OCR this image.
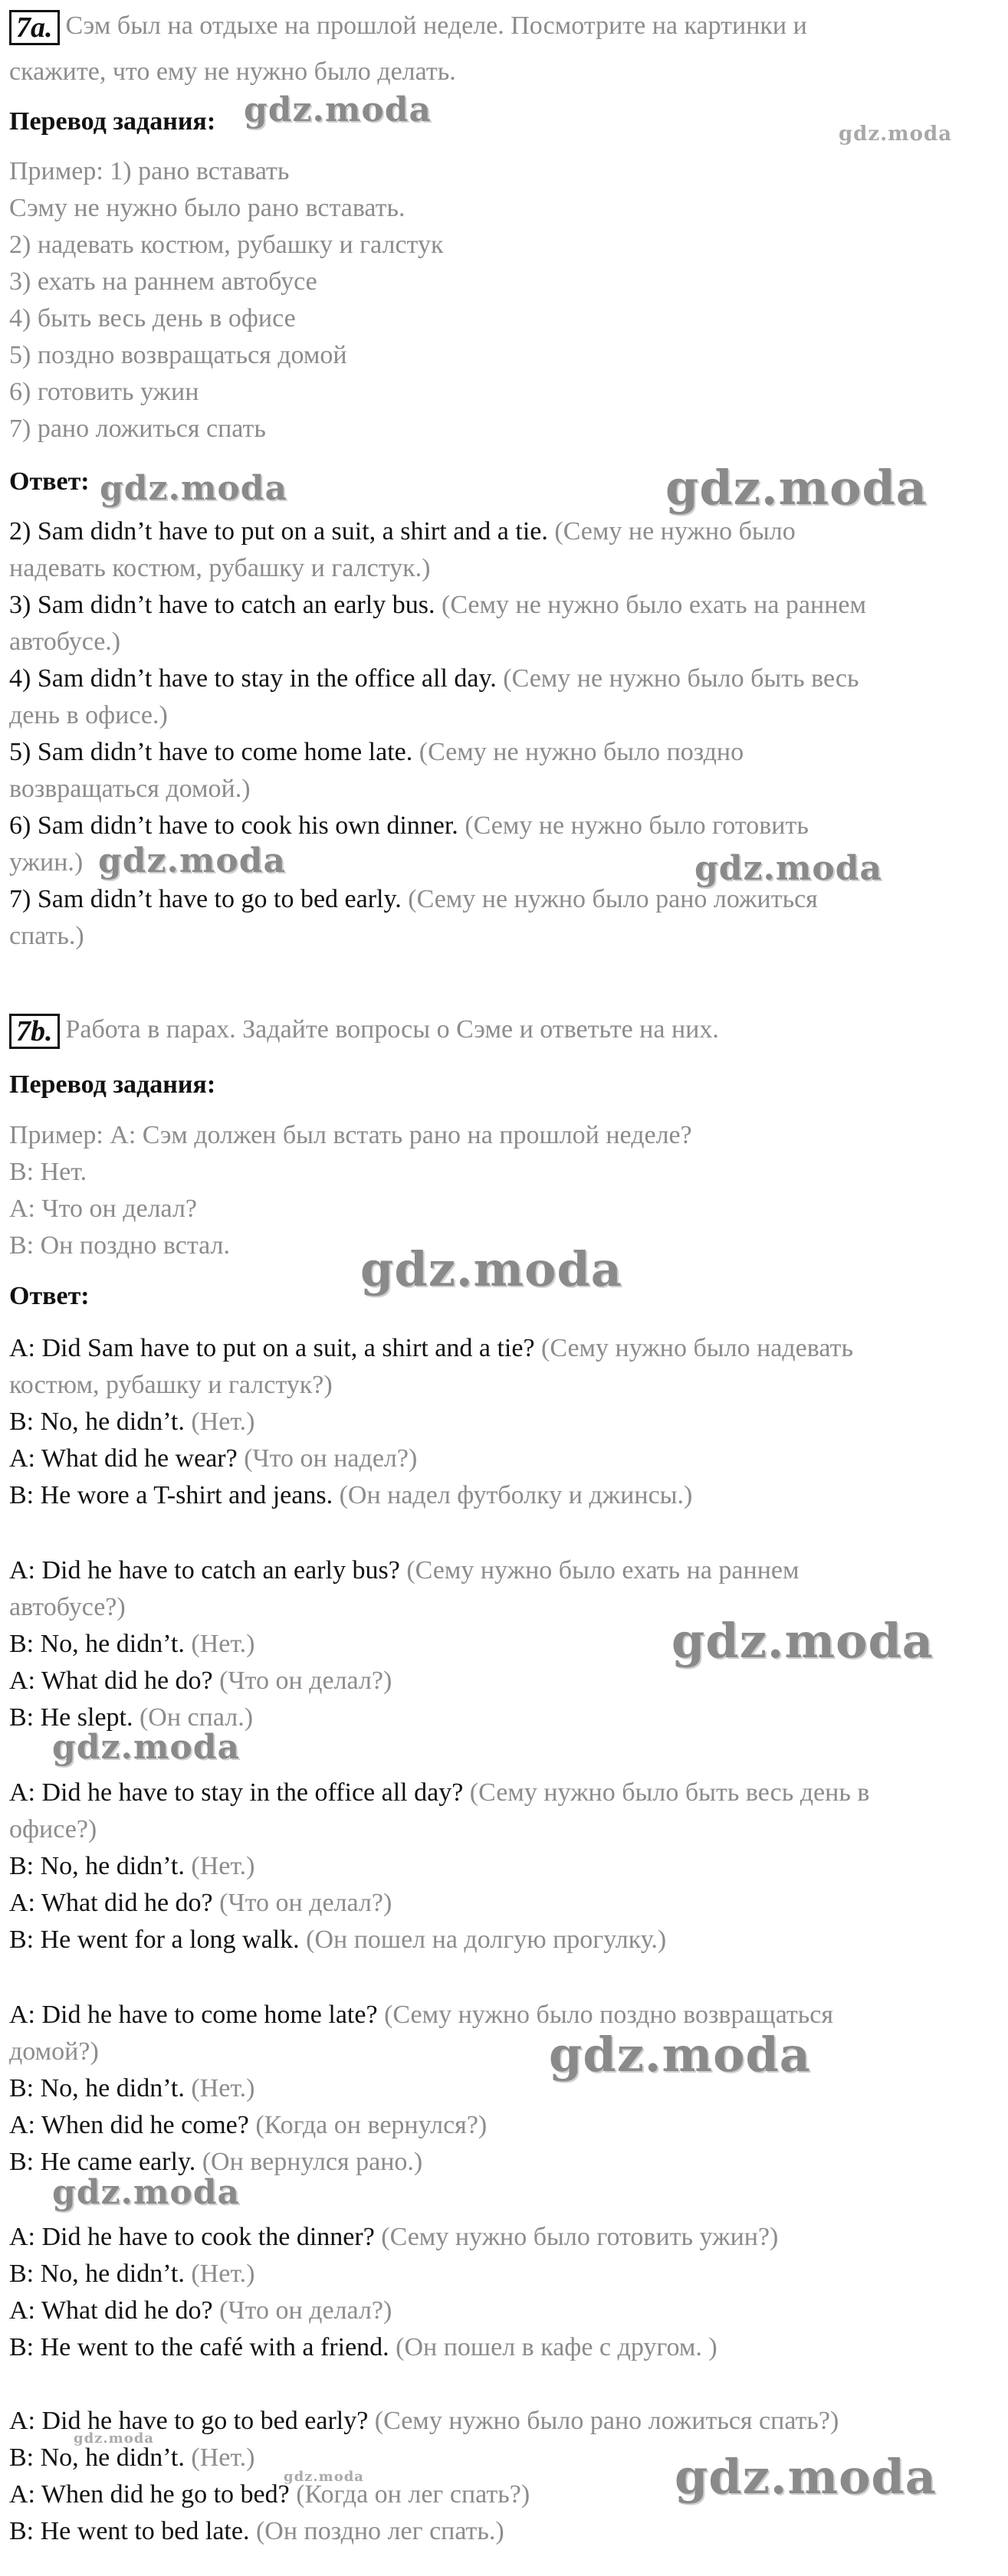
7a. Сэм был на отдыхе на прошлой неделе. Посмотрите на картинки и
скажите, что ему не нужно было делать.
Перевод задания:
Пример: 1) рано вставать
Сэму не нужно было рано вставать.
2) надевать костюм, рубашку и галстук
3) ехать на раннем автобусе
4) быть весь день в офисе
5) поздно возвращаться домой
6) готовить ужин
7) рано ложиться спать
Ответ:
2) Sam didn’t have to put on a suit, a shirt and a tie. (Сему не нужно было
надевать костюм, рубашку и галстук.)
3) Sam didn’t have to catch an early bus. (Сему не нужно было ехать на раннем
автобусе.)
4) Sam didn’t have to stay in the office all day. (Сему не нужно было быть весь
день в офисе.)
5) Sam didn’t have to come home late. (Сему не нужно было поздно
возвращаться домой.)
6) Sam didn’t have to cook his own dinner. (Сему не нужно было готовить
ужин.)
7) Sam didn’t have to go to bed early. (Сему не нужно было рано ложиться
спать.)
7b. Работа в парах. Задайте вопросы о Сэме и ответьте на них.
Перевод задания:
Пример: А: Сэм должен был встать рано на прошлой неделе?
В: Нет.
А: Что он делал?
В: Он поздно встал.
Ответ:
A: Did Sam have to put on a suit, a shirt and a tie? (Сему нужно было надевать
костюм, рубашку и галстук?)
B: No, he didn’t. (Нет.)
A: What did he wear? (Что он надел?)
B: He wore a T-shirt and jeans. (Он надел футболку и джинсы.)
A: Did he have to catch an early bus? (Сему нужно было ехать на раннем
автобусе?)
B: No, he didn’t. (Нет.)
A: What did he do? (Что он делал?)
B: He slept. (Он спал.)
A: Did he have to stay in the office all day? (Сему нужно было быть весь день в
офисе?)
B: No, he didn’t. (Нет.)
A: What did he do? (Что он делал?)
B: He went for a long walk. (Он пошел на долгую прогулку.)
A: Did he have to come home late? (Сему нужно было поздно возвращаться
домой?)
B: No, he didn’t. (Нет.)
A: When did he come? (Когда он вернулся?)
B: He came early. (Он вернулся рано.)
A: Did he have to cook the dinner? (Сему нужно было готовить ужин?)
B: No, he didn’t. (Нет.)
A: What did he do? (Что он делал?)
B: He went to the café with a friend. (Он пошел в кафе с другом. )
A: Did he have to go to bed early? (Сему нужно было рано ложиться спать?)
B: No, he didn’t. (Нет.)
A: When did he go to bed? (Когда он лег спать?)
B: He went to bed late. (Он поздно лег спать.)
gdz.moda
gdz.moda
gdz.moda	gdz.moda
gdz.moda	gdz.moda
gdz.moda
gdz.moda
gdz.moda
gdz.moda
gdz.moda
gdz.moda
gdz.moda	gdz.moda
